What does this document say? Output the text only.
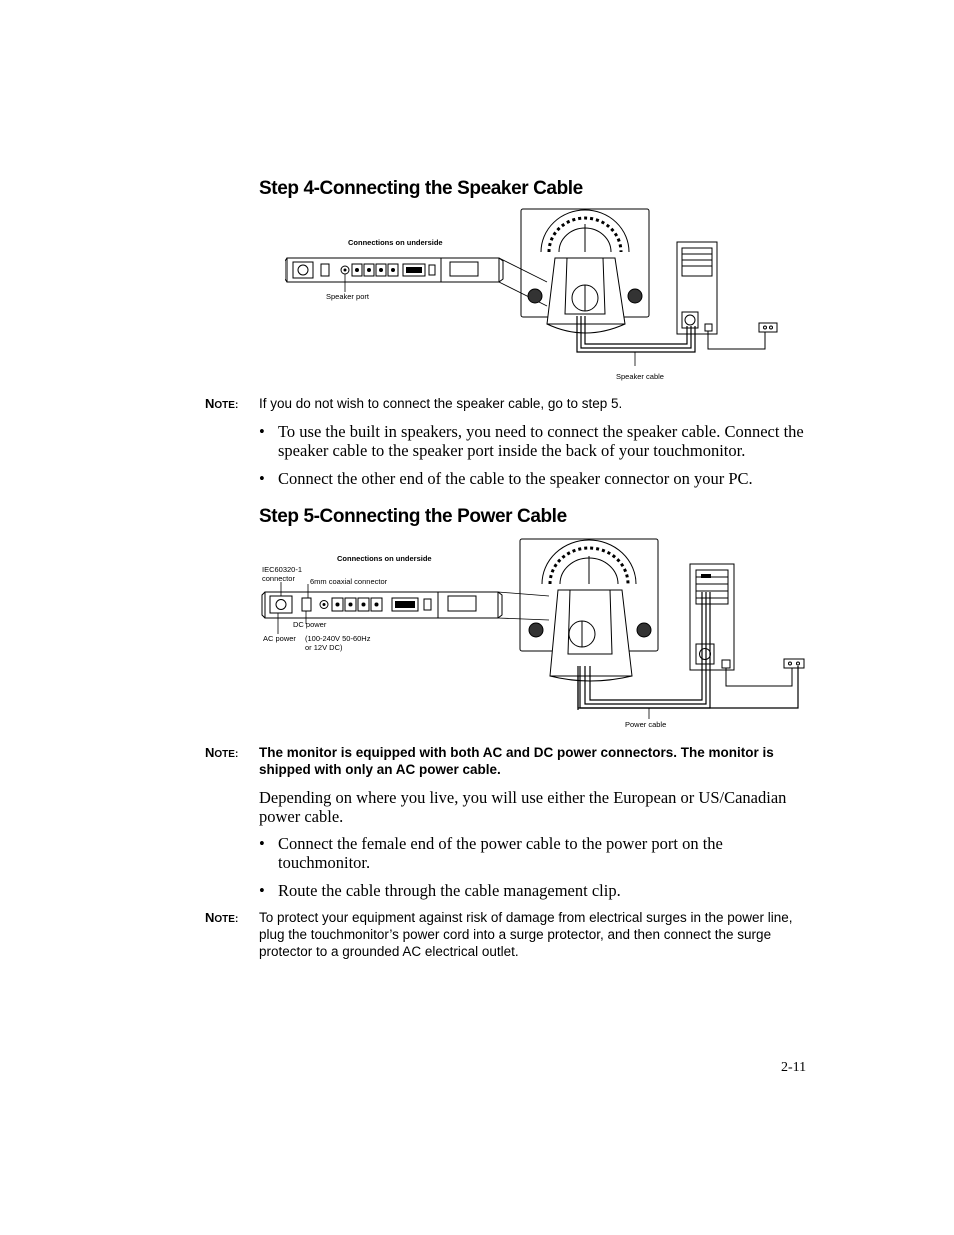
Step 4-Connecting the Speaker Cable
Connections on underside
Speaker port
Speaker cable
NOTE: If you do not wish to connect the speaker cable, go to step 5.
• To use the built in speakers, you need to connect the speaker cable. Connect the speaker cable to the speaker port inside the back of your touchmonitor.
• Connect the other end of the cable to the speaker connector on your PC.
Step 5-Connecting the Power Cable
Connections on underside
IEC60320-1
connector	6mm coaxial connector
DC power
AC power (100-240V 50-60Hz
or 12V DC)
Power cable
NOTE: The monitor is equipped with both AC and DC power connectors. The monitor is shipped with only an AC power cable.
Depending on where you live, you will use either the European or US/Canadian power cable.
• Connect the female end of the power cable to the power port on the touchmonitor.
• Route the cable through the cable management clip.
NOTE: To protect your equipment against risk of damage from electrical surges in the power line, plug the touchmonitor’s power cord into a surge protector, and then connect the surge protector to a grounded AC electrical outlet.
2-11
